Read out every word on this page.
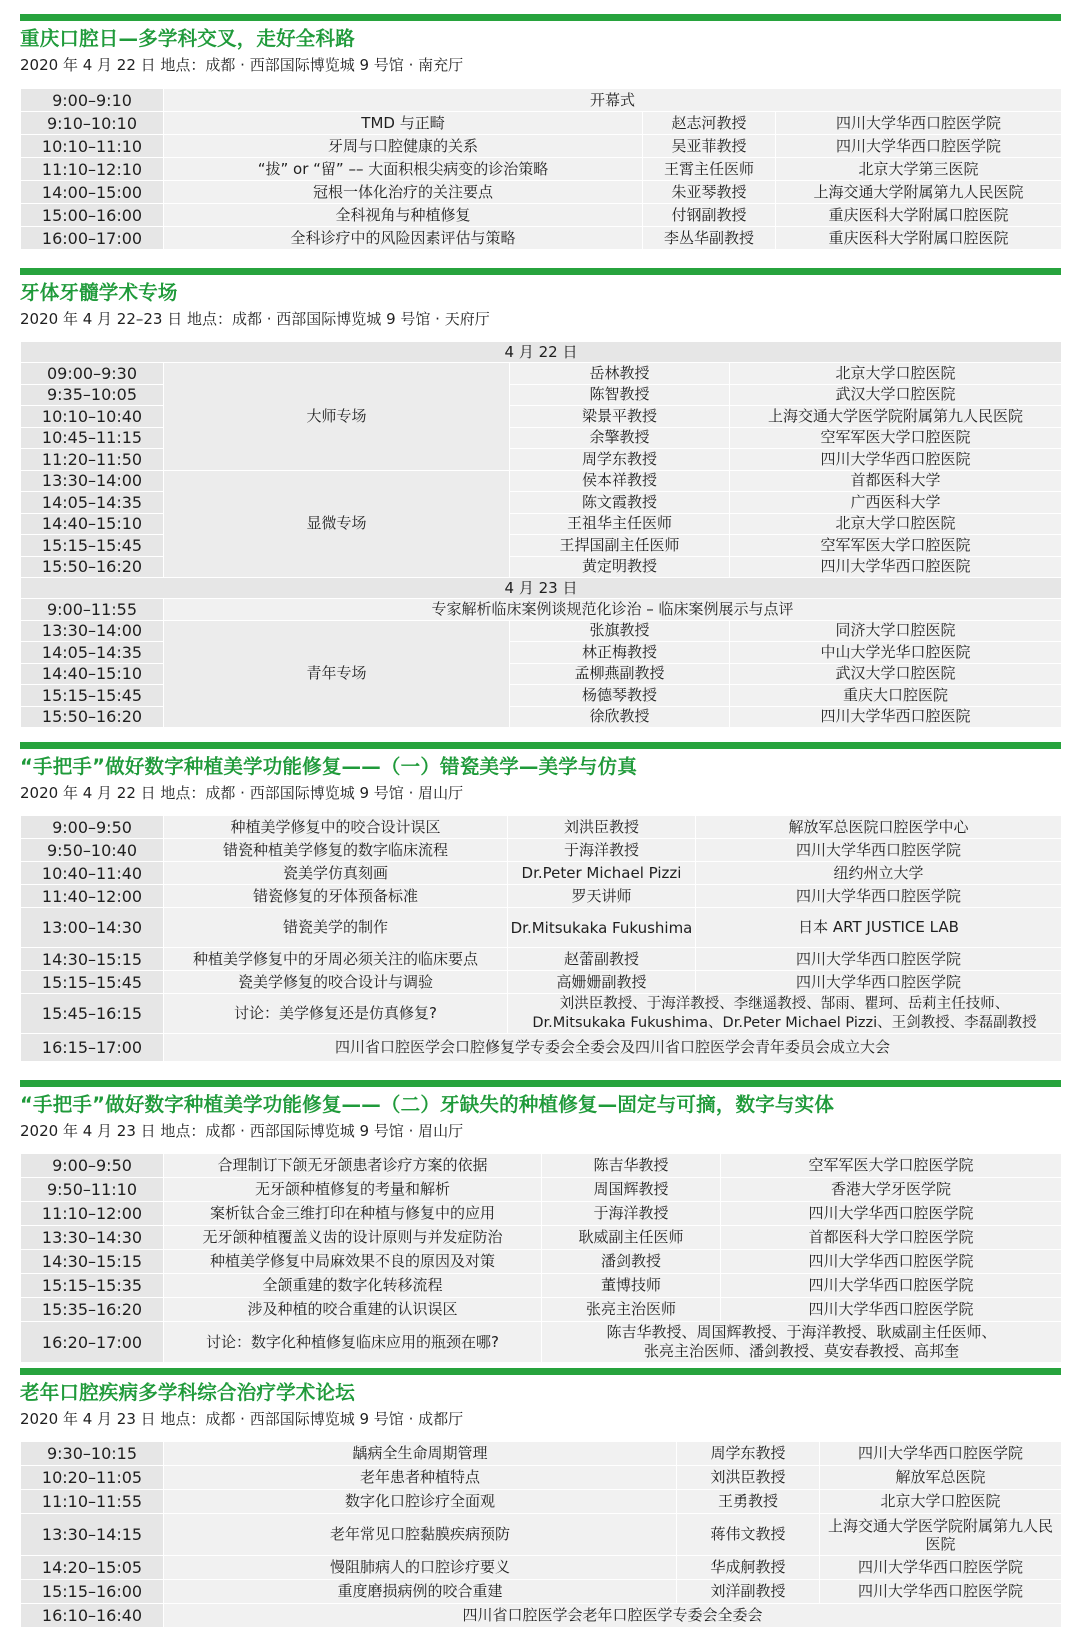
重庆口腔日—多学科交叉，走好全科路
2020 年 4 月 22 日 地点：成都 · 西部国际博览城 9 号馆 · 南充厅
9:00–9:10	开幕式		
9:10–10:10	TMD 与正畸	赵志河教授	四川大学华西口腔医学院
10:10–11:10	牙周与口腔健康的关系	吴亚菲教授	四川大学华西口腔医学院
11:10–12:10	“拔” or “留” –– 大面积根尖病变的诊治策略	王霄主任医师	北京大学第三医院
14:00–15:00	冠根一体化治疗的关注要点	朱亚琴教授	上海交通大学附属第九人民医院
15:00–16:00	全科视角与种植修复	付钢副教授	重庆医科大学附属口腔医院
16:00–17:00	全科诊疗中的风险因素评估与策略	李丛华副教授	重庆医科大学附属口腔医院
牙体牙髓学术专场
2020 年 4 月 22–23 日 地点：成都 · 西部国际博览城 9 号馆 · 天府厅
4 月 22 日			
09:00–9:30	大师专场	岳林教授	北京大学口腔医院
9:35–10:05		陈智教授	武汉大学口腔医院
10:10–10:40		梁景平教授	上海交通大学医学院附属第九人民医院
10:45–11:15		余擎教授	空军军医大学口腔医院
11:20–11:50		周学东教授	四川大学华西口腔医院
13:30–14:00	显微专场	侯本祥教授	首都医科大学
14:05–14:35		陈文霞教授	广西医科大学
14:40–15:10		王祖华主任医师	北京大学口腔医院
15:15–15:45		王捍国副主任医师	空军军医大学口腔医院
15:50–16:20		黄定明教授	四川大学华西口腔医院
4 月 23 日			
9:00–11:55	专家解析临床案例谈规范化诊治 – 临床案例展示与点评		
13:30–14:00	青年专场	张旗教授	同济大学口腔医院
14:05–14:35		林正梅教授	中山大学光华口腔医院
14:40–15:10		孟柳燕副教授	武汉大学口腔医院
15:15–15:45		杨德琴教授	重庆大口腔医院
15:50–16:20		徐欣教授	四川大学华西口腔医院
“手把手”做好数字种植美学功能修复——（一）错瓷美学—美学与仿真
2020 年 4 月 22 日 地点：成都 · 西部国际博览城 9 号馆 · 眉山厅
9:00–9:50	种植美学修复中的咬合设计误区	刘洪臣教授	解放军总医院口腔医学中心
9:50–10:40	错瓷种植美学修复的数字临床流程	于海洋教授	四川大学华西口腔医学院
10:40–11:40	瓷美学仿真刻画	Dr.Peter Michael Pizzi	纽约州立大学
11:40–12:00	错瓷修复的牙体预备标准	罗天讲师	四川大学华西口腔医学院
13:00–14:30	错瓷美学的制作	Dr.Mitsukaka Fukushima	日本 ART JUSTICE LAB
14:30–15:15	种植美学修复中的牙周必须关注的临床要点	赵蕾副教授	四川大学华西口腔医学院
15:15–15:45	瓷美学修复的咬合设计与调验	高姗姗副教授	四川大学华西口腔医学院
15:45–16:15	讨论：美学修复还是仿真修复?	刘洪臣教授、于海洋教授、李继遥教授、郜雨、瞿珂、岳莉主任技师、
Dr.Mitsukaka Fukushima、Dr.Peter Michael Pizzi、王剑教授、李磊副教授	

16:15–17:00	四川省口腔医学会口腔修复学专委会全委会及四川省口腔医学会青年委员会成立大会		
“手把手”做好数字种植美学功能修复——（二）牙缺失的种植修复—固定与可摘，数字与实体
2020 年 4 月 23 日 地点：成都 · 西部国际博览城 9 号馆 · 眉山厅
9:00–9:50	合理制订下颌无牙颌患者诊疗方案的依据	陈吉华教授	空军军医大学口腔医学院
9:50–11:10	无牙颌种植修复的考量和解析	周国辉教授	香港大学牙医学院
11:10–12:00	案析钛合金三维打印在种植与修复中的应用	于海洋教授	四川大学华西口腔医学院
13:30–14:30	无牙颌种植覆盖义齿的设计原则与并发症防治	耿威副主任医师	首都医科大学口腔医学院
14:30–15:15	种植美学修复中局麻效果不良的原因及对策	潘剑教授	四川大学华西口腔医学院
15:15–15:35	全颌重建的数字化转移流程	董博技师	四川大学华西口腔医学院
15:35–16:20	涉及种植的咬合重建的认识误区	张亮主治医师	四川大学华西口腔医学院
16:20–17:00	讨论：数字化种植修复临床应用的瓶颈在哪?	陈吉华教授、周国辉教授、于海洋教授、耿威副主任医师、
张亮主治医师、潘剑教授、莫安春教授、高邦奎	
老年口腔疾病多学科综合治疗学术论坛
2020 年 4 月 23 日 地点：成都 · 西部国际博览城 9 号馆 · 成都厅
9:30–10:15	龋病全生命周期管理	周学东教授	四川大学华西口腔医学院
10:20–11:05	老年患者种植特点	刘洪臣教授	解放军总医院
11:10–11:55	数字化口腔诊疗全面观	王勇教授	北京大学口腔医院
13:30–14:15	老年常见口腔黏膜疾病预防	蒋伟文教授	上海交通大学医学院附属第九人民医院
14:20–15:05	慢阻肺病人的口腔诊疗要义	华成舸教授	四川大学华西口腔医学院
15:15–16:00	重度磨损病例的咬合重建	刘洋副教授	四川大学华西口腔医学院
16:10–16:40	四川省口腔医学会老年口腔医学专委会全委会		
